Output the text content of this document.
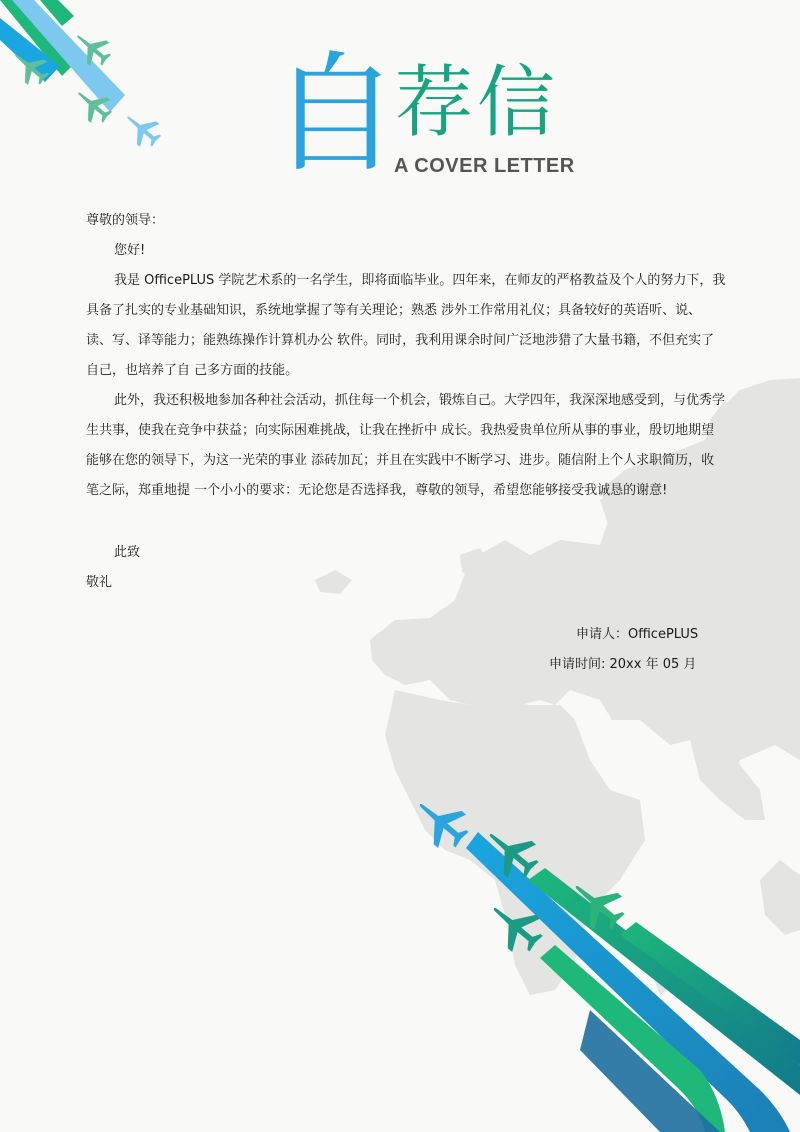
自
荐信
A COVER LETTER

尊敬的领导：

您好!

我是 OfficePLUS 学院艺术系的一名学生，即将面临毕业。四年来，在师友的严格教益及个人的努力下，我具备了扎实的专业基础知识，系统地掌握了等有关理论；熟悉 涉外工作常用礼仪；具备较好的英语听、说、读、写、译等能力；能熟练操作计算机办公 软件。同时，我利用课余时间广泛地涉猎了大量书籍，不但充实了自己，也培养了自 己多方面的技能。

此外，我还积极地参加各种社会活动，抓住每一个机会，锻炼自己。大学四年，我深深地感受到，与优秀学生共事，使我在竞争中获益；向实际困难挑战，让我在挫折中 成长。我热爱贵单位所从事的事业，殷切地期望能够在您的领导下，为这一光荣的事业 添砖加瓦；并且在实践中不断学习、进步。随信附上个人求职简历，收笔之际，郑重地提 一个小小的要求：无论您是否选择我，尊敬的领导，希望您能够接受我诚恳的谢意!

此致

敬礼

申请人：OfficePLUS

申请时间: 20xx 年 05 月
